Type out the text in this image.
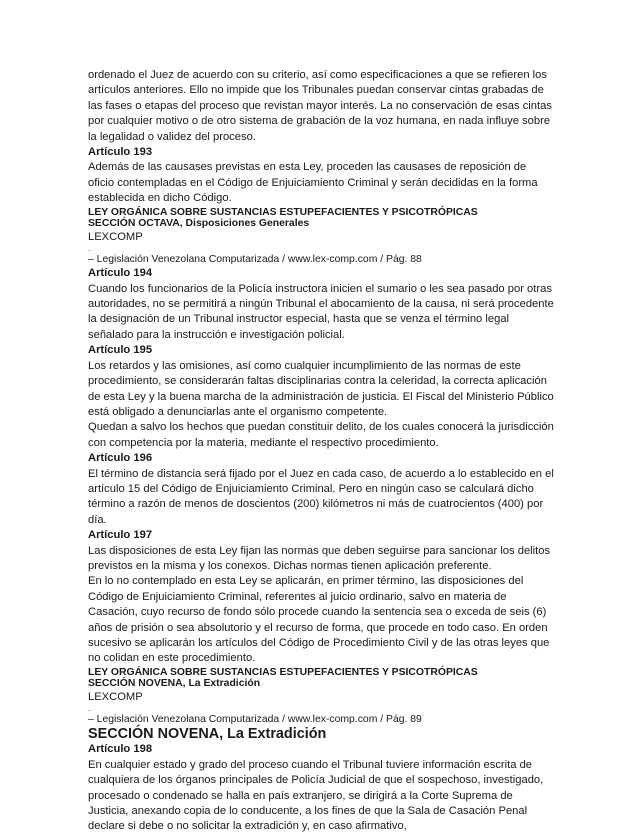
ordenado el Juez de acuerdo con su criterio, así como especificaciones a que se refieren los artículos anteriores. Ello no impide que los Tribunales puedan conservar cintas grabadas de las fases o etapas del proceso que revistan mayor interés. La no conservación de esas cintas por cualquier motivo o de otro sistema de grabación de la voz humana, en nada influye sobre la legalidad o validez del proceso.

Artículo 193

Además de las causases previstas en esta Ley, proceden las causases de reposición de oficio contempladas en el Código de Enjuiciamiento Criminal y serán decididas en la forma establecida en dicho Código.

LEY ORGÁNICA SOBRE SUSTANCIAS ESTUPEFACIENTES Y PSICOTRÓPICAS

SECCIÓN OCTAVA, Disposiciones Generales

LEXCOMP

_

– Legislación Venezolana Computarizada / www.lex-comp.com / Pág. 88

Artículo 194

Cuando los funcionarios de la Policía instructora inicien el sumario o les sea pasado por otras autoridades, no se permitirá a ningún Tribunal el abocamiento de la causa, ni será procedente la designación de un Tribunal instructor especial, hasta que se venza el término legal señalado para la instrucción e investigación policial.

Artículo 195

Los retardos y las omisiones, así como cualquier incumplimiento de las normas de este procedimiento, se considerarán faltas disciplinarias contra la celeridad, la correcta aplicación de esta Ley y la buena marcha de la administración de justicia. El Fiscal del Ministerio Público está obligado a denunciarlas ante el organismo competente.

Quedan a salvo los hechos que puedan constituir delito, de los cuales conocerá la jurisdicción con competencia por la materia, mediante el respectivo procedimiento.

Artículo 196

El término de distancia será fijado por el Juez en cada caso, de acuerdo a lo establecido en el artículo 15 del Código de Enjuiciamiento Criminal. Pero en ningún caso se calculará dicho término a razón de menos de doscientos (200) kilómetros ni más de cuatrocientos (400) por día.

Artículo 197

Las disposiciones de esta Ley fijan las normas que deben seguirse para sancionar los delitos previstos en la misma y los conexos. Dichas normas tienen aplicación preferente.

En lo no contemplado en esta Ley se aplicarán, en primer término, las disposiciones del Código de Enjuiciamiento Criminal, referentes al juicio ordinario, salvo en materia de Casación, cuyo recurso de fondo sólo procede cuando la sentencia sea o exceda de seis (6) años de prisión o sea absolutorio y el recurso de forma, que procede en todo caso. En orden sucesivo se aplicarán los artículos del Código de Procedimiento Civil y de las otras leyes que no colidan en este procedimiento.

LEY ORGÁNICA SOBRE SUSTANCIAS ESTUPEFACIENTES Y PSICOTRÓPICAS

SECCIÓN NOVENA, La Extradición

LEXCOMP

_

– Legislación Venezolana Computarizada / www.lex-comp.com / Pág. 89

SECCIÓN NOVENA, La Extradición

Artículo 198

En cualquier estado y grado del proceso cuando el Tribunal tuviere información escrita de cualquiera de los órganos principales de Policía Judicial de que el sospechoso, investigado, procesado o condenado se halla en país extranjero, se dirigirá a la Corte Suprema de Justicia, anexando copia de lo conducente, a los fines de que la Sala de Casación Penal declare si debe o no solicitar la extradición y, en caso afirmativo,
